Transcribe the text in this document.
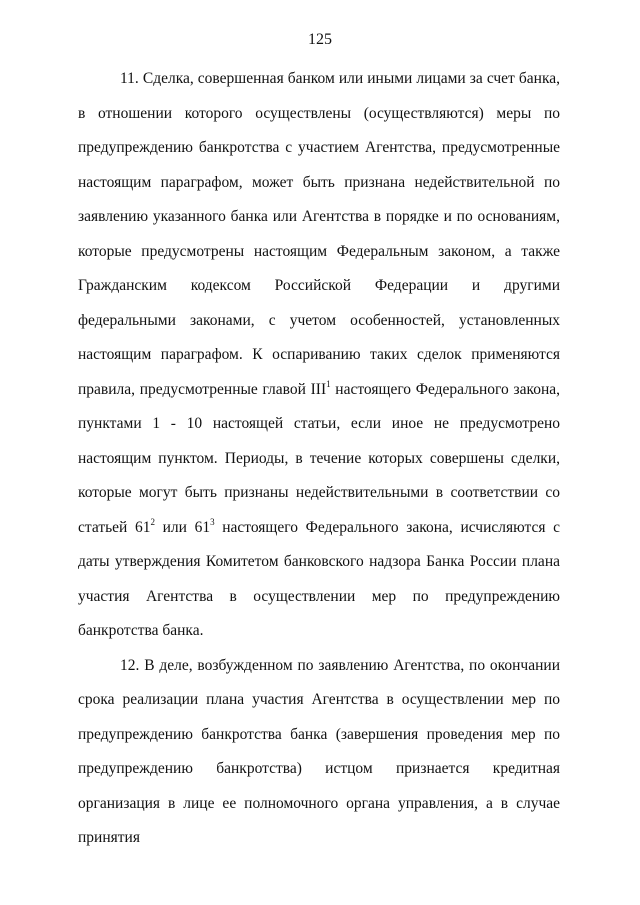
125

11. Сделка, совершенная банком или иными лицами за счет банка, в отношении которого осуществлены (осуществляются) меры по предупреждению банкротства с участием Агентства, предусмотренные настоящим параграфом, может быть признана недействительной по заявлению указанного банка или Агентства в порядке и по основаниям, которые предусмотрены настоящим Федеральным законом, а также Гражданским кодексом Российской Федерации и другими федеральными законами, с учетом особенностей, установленных настоящим параграфом. К оспариванию таких сделок применяются правила, предусмотренные главой III$^1$ настоящего Федерального закона, пунктами 1 - 10 настоящей статьи, если иное не предусмотрено настоящим пунктом. Периоды, в течение которых совершены сделки, которые могут быть признаны недействительными в соответствии со статьей $61^2$ или $61^3$ настоящего Федерального закона, исчисляются с даты утверждения Комитетом банковского надзора Банка России плана участия Агентства в осуществлении мер по предупреждению банкротства банка.

12. В деле, возбужденном по заявлению Агентства, по окончании срока реализации плана участия Агентства в осуществлении мер по предупреждению банкротства банка (завершения проведения мер по предупреждению банкротства) истцом признается кредитная организация в лице ее полномочного органа управления, а в случае принятия
